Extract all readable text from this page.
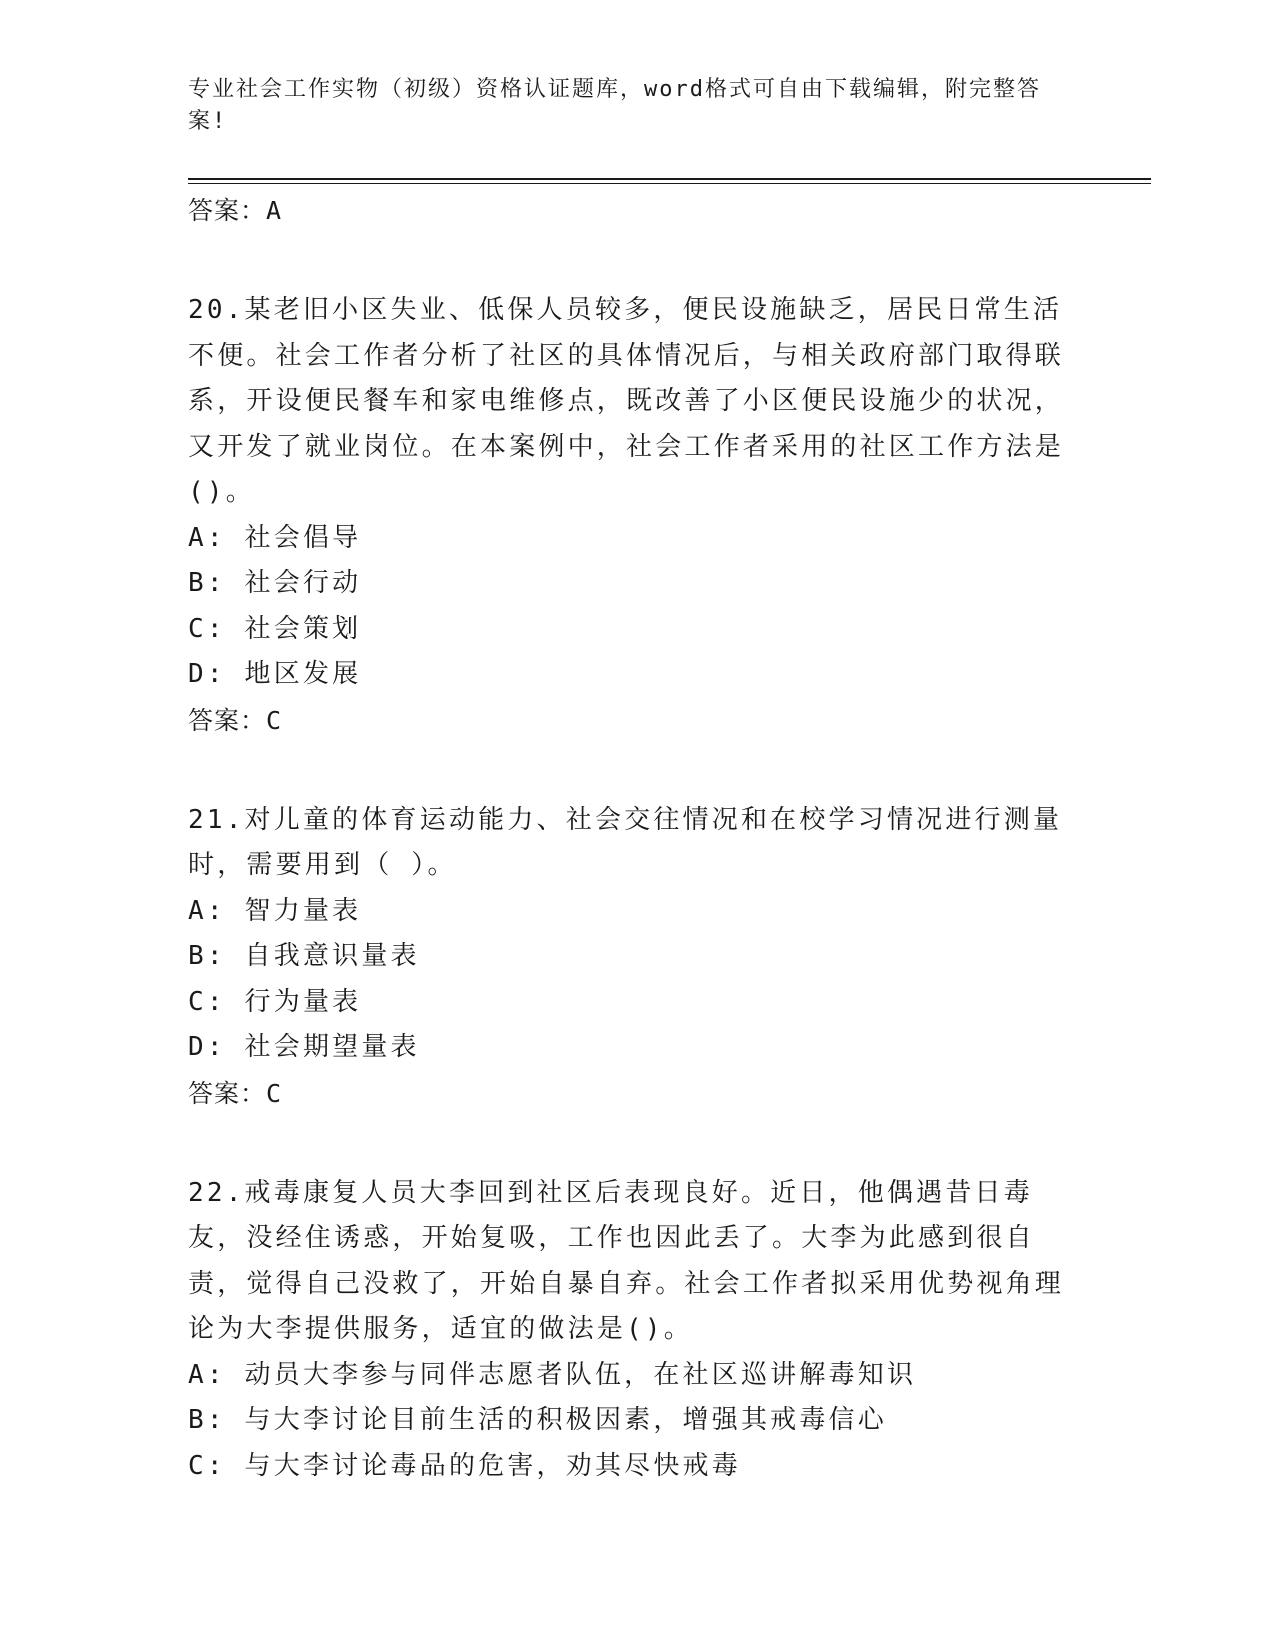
专业社会工作实物（初级）资格认证题库，word格式可自由下载编辑，附完整答
案!
答案：A
20.某老旧小区失业、低保人员较多，便民设施缺乏，居民日常生活不便。社会工作者分析了社区的具体情况后，与相关政府部门取得联系，开设便民餐车和家电维修点，既改善了小区便民设施少的状况，又开发了就业岗位。在本案例中，社会工作者采用的社区工作方法是()。
A: 社会倡导
B: 社会行动
C: 社会策划
D: 地区发展
答案：C
21.对儿童的体育运动能力、社会交往情况和在校学习情况进行测量时，需要用到（ ）。
A: 智力量表
B: 自我意识量表
C: 行为量表
D: 社会期望量表
答案：C
22.戒毒康复人员大李回到社区后表现良好。近日，他偶遇昔日毒友，没经住诱惑，开始复吸，工作也因此丢了。大李为此感到很自责，觉得自己没救了，开始自暴自弃。社会工作者拟采用优势视角理论为大李提供服务，适宜的做法是()。
A: 动员大李参与同伴志愿者队伍，在社区巡讲解毒知识
B: 与大李讨论目前生活的积极因素，增强其戒毒信心
C: 与大李讨论毒品的危害，劝其尽快戒毒
